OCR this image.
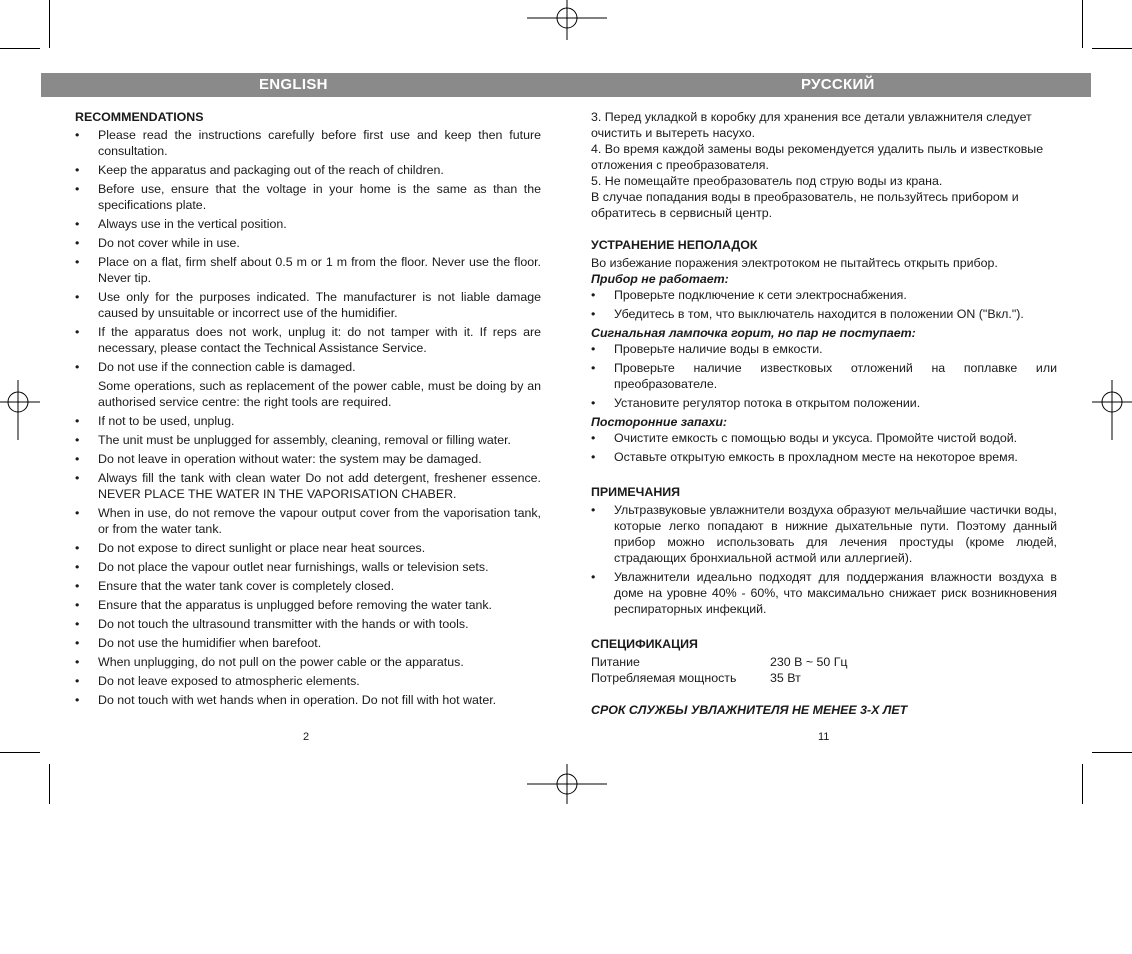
ENGLISH	РУССКИЙ
RECOMMENDATIONS
• Please read the instructions carefully before first use and keep then future consultation.
• Keep the apparatus and packaging out of the reach of children.
• Before use, ensure that the voltage in your home is the same as than the specifications plate.
• Always use in the vertical position.
• Do not cover while in use.
• Place on a flat, firm shelf about 0.5 m or 1 m from the floor. Never use the floor. Never tip.
• Use only for the purposes indicated. The manufacturer is not liable damage caused by unsuitable or incorrect use of the humidifier.
• If the apparatus does not work, unplug it: do not tamper with it. If reps are necessary, please contact the Technical Assistance Service.
• Do not use if the connection cable is damaged.
Some operations, such as replacement of the power cable, must be doing by an authorised service centre: the right tools are required.
• If not to be used, unplug.
• The unit must be unplugged for assembly, cleaning, removal or filling water.
• Do not leave in operation without water: the system may be damaged.
• Always fill the tank with clean water Do not add detergent, freshener essence. NEVER PLACE THE WATER IN THE VAPORISATION CHABER.
• When in use, do not remove the vapour output cover from the vaporisation tank, or from the water tank.
• Do not expose to direct sunlight or place near heat sources.
• Do not place the vapour outlet near furnishings, walls or television sets.
• Ensure that the water tank cover is completely closed.
• Ensure that the apparatus is unplugged before removing the water tank.
• Do not touch the ultrasound transmitter with the hands or with tools.
• Do not use the humidifier when barefoot.
• When unplugging, do not pull on the power cable or the apparatus.
• Do not leave exposed to atmospheric elements.
• Do not touch with wet hands when in operation. Do not fill with hot water.

3. Перед укладкой в коробку для хранения все детали увлажнителя следует очистить и вытереть насухо.

4. Во время каждой замены воды рекомендуется удалить пыль и известковые отложения с преобразователя.

5. Не помещайте преобразователь под струю воды из крана.

В случае попадания воды в преобразователь, не пользуйтесь прибором и обратитесь в сервисный центр.

УСТРАНЕНИЕ НЕПОЛАДОК

Во избежание поражения электротоком не пытайтесь открыть прибор.

Прибор не работает:
• Проверьте подключение к сети электроснабжения.
• Убедитесь в том, что выключатель находится в положении ON ("Вкл.").
Сигнальная лампочка горит, но пар не поступает:
• Проверьте наличие воды в емкости.
• Проверьте наличие известковых отложений на поплавке или преобразователе.
• Установите регулятор потока в открытом положении.
Посторонние запахи:
• Очистите емкость с помощью воды и уксуса. Промойте чистой водой.
• Оставьте открытую емкость в прохладном месте на некоторое время.
ПРИМЕЧАНИЯ
• Ультразвуковые увлажнители воздуха образуют мельчайшие частички воды, которые легко попадают в нижние дыхательные пути. Поэтому данный прибор можно использовать для лечения простуды (кроме людей, страдающих бронхиальной астмой или аллергией).
• Увлажнители идеально подходят для поддержания влажности воздуха в доме на уровне 40% - 60%, что максимально снижает риск возникновения респираторных инфекций.
СПЕЦИФИКАЦИЯ
Питание	230 В ~ 50 Гц
Потребляемая мощность	35 Вт
СРОК СЛУЖБЫ УВЛАЖНИТЕЛЯ НЕ МЕНЕЕ 3-Х ЛЕТ
2	11
